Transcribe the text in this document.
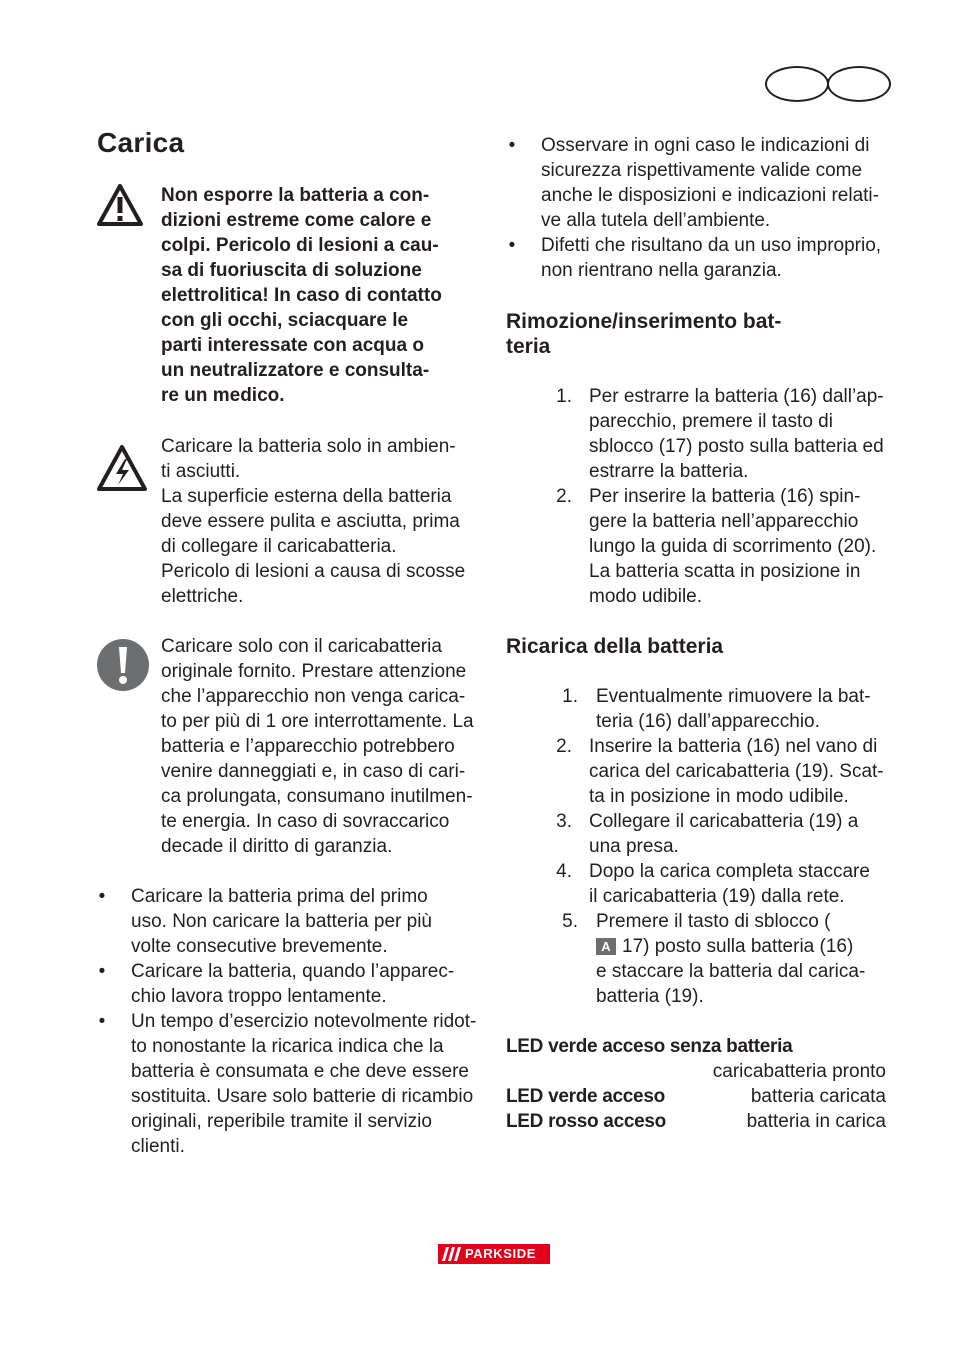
Carica
Non esporre la batteria a con-
dizioni estreme come calore e
colpi. Pericolo di lesioni a cau-
sa di fuoriuscita di soluzione
elettrolitica! In caso di contatto
con gli occhi, sciacquare le
parti interessate con acqua o
un neutralizzatore e consulta-
re un medico.
Caricare la batteria solo in ambien-
ti asciutti.
La superficie esterna della batteria
deve essere pulita e asciutta, prima
di collegare il caricabatteria.
Pericolo di lesioni a causa di scosse
elettriche.
Caricare solo con il caricabatteria
originale fornito. Prestare attenzione
che l’apparecchio non venga carica-
to per più di 1 ore interrottamente. La
batteria e l’apparecchio potrebbero
venire danneggiati e, in caso di cari-
ca prolungata, consumano inutilmen-
te energia. In caso di sovraccarico
decade il diritto di garanzia.
• Caricare la batteria prima del primo
uso. Non caricare la batteria per più
volte consecutive brevemente.
• Caricare la batteria, quando l’apparec-
chio lavora troppo lentamente.
• Un tempo d’esercizio notevolmente ridot-
to nonostante la ricarica indica che la
batteria è consumata e che deve essere
sostituita. Usare solo batterie di ricambio
originali, reperibile tramite il servizio
clienti.
• Osservare in ogni caso le indicazioni di
sicurezza rispettivamente valide come
anche le disposizioni e indicazioni relati-
ve alla tutela dell’ambiente.
• Difetti che risultano da un uso improprio,
non rientrano nella garanzia.
Rimozione/inserimento bat-
teria
1. Per estrarre la batteria (16) dall’ap-
parecchio, premere il tasto di
sblocco (17) posto sulla batteria ed
estrarre la batteria.
2. Per inserire la batteria (16) spin-
gere la batteria nell’apparecchio
lungo la guida di scorrimento (20).
La batteria scatta in posizione in
modo udibile.
Ricarica della batteria
1. Eventualmente rimuovere la bat-
teria (16) dall’apparecchio.
2. Inserire la batteria (16) nel vano di
carica del caricabatteria (19). Scat-
ta in posizione in modo udibile.
3. Collegare il caricabatteria (19) a
una presa.
4. Dopo la carica completa staccare
il caricabatteria (19) dalla rete.
5. Premere il tasto di sblocco (
A 17) posto sulla batteria (16)
e staccare la batteria dal carica-
batteria (19).
LED verde acceso senza batteria
caricabatteria pronto
LED verde acceso	batteria caricata
LED rosso acceso	batteria in carica
PARKSIDE
